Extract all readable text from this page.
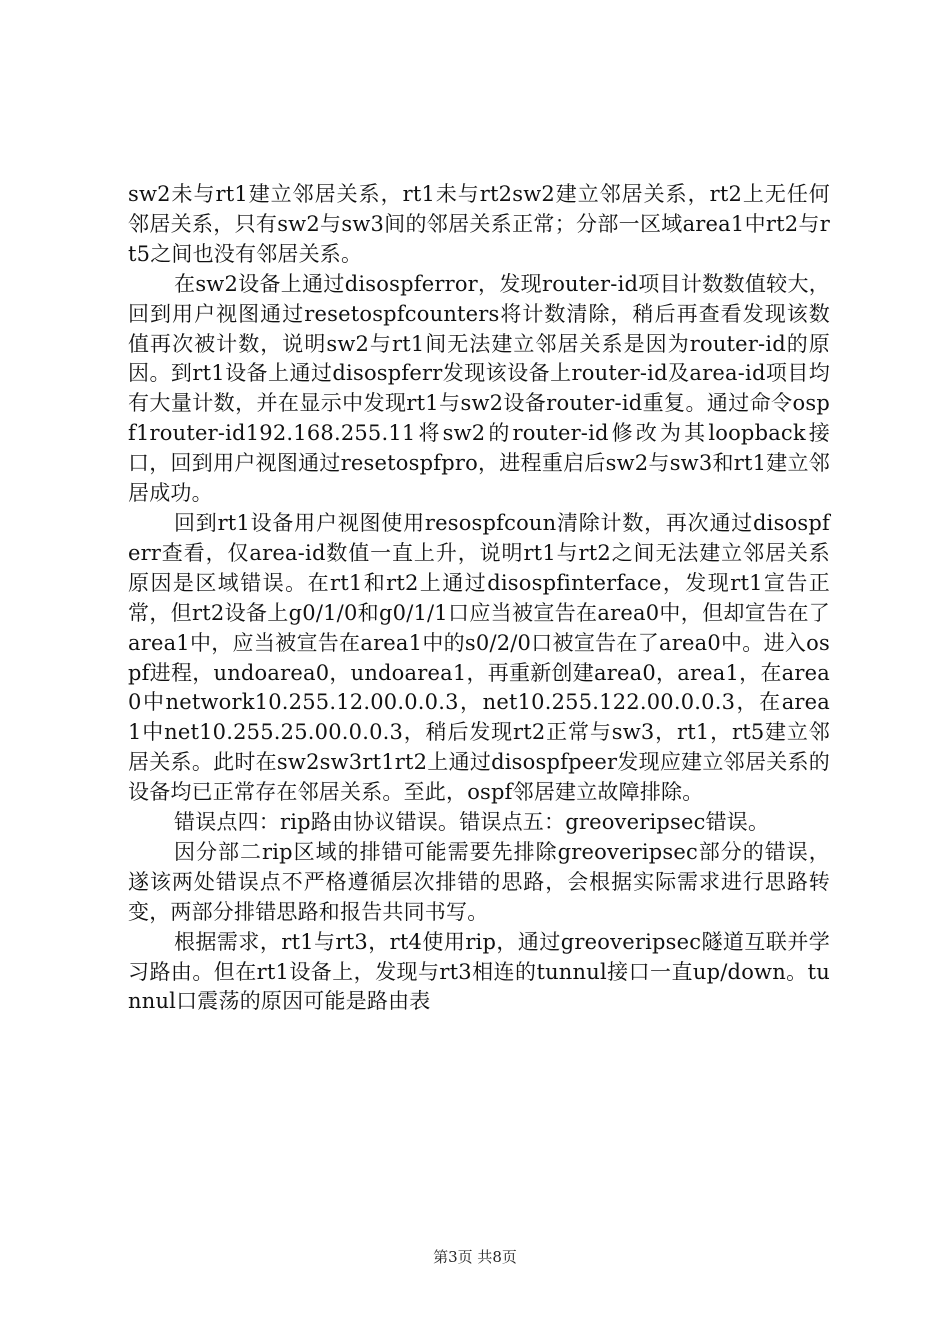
sw2未与rt1建立邻居关系，rt1未与rt2sw2建立邻居关系，rt2上无任何邻居关系，只有sw2与sw3间的邻居关系正常；分部一区域area1中rt2与rt5之间也没有邻居关系。

在sw2设备上通过disospferror，发现router-id项目计数数值较大，回到用户视图通过resetospfcounters将计数清除，稍后再查看发现该数值再次被计数，说明sw2与rt1间无法建立邻居关系是因为router-id的原因。到rt1设备上通过disospferr发现该设备上router-id及area-id项目均有大量计数，并在显示中发现rt1与sw2设备router-id重复。通过命令ospf1router-id192.168.255.11将sw2的router-id修改为其loopback接口，回到用户视图通过resetospfpro，进程重启后sw2与sw3和rt1建立邻居成功。

回到rt1设备用户视图使用resospfcoun清除计数，再次通过disospferr查看，仅area-id数值一直上升，说明rt1与rt2之间无法建立邻居关系原因是区域错误。在rt1和rt2上通过disospfinterface，发现rt1宣告正常，但rt2设备上g0/1/0和g0/1/1口应当被宣告在area0中，但却宣告在了area1中，应当被宣告在area1中的s0/2/0口被宣告在了area0中。进入ospf进程，undoarea0，undoarea1，再重新创建area0，area1，在area0中network10.255.12.00.0.0.3，net10.255.122.00.0.0.3，在area1中net10.255.25.00.0.0.3，稍后发现rt2正常与sw3，rt1，rt5建立邻居关系。此时在sw2sw3rt1rt2上通过disospfpeer发现应建立邻居关系的设备均已正常存在邻居关系。至此，ospf邻居建立故障排除。

错误点四：rip路由协议错误。错误点五：greoveripsec错误。

因分部二rip区域的排错可能需要先排除greoveripsec部分的错误，遂该两处错误点不严格遵循层次排错的思路，会根据实际需求进行思路转变，两部分排错思路和报告共同书写。

根据需求，rt1与rt3，rt4使用rip，通过greoveripsec隧道互联并学习路由。但在rt1设备上，发现与rt3相连的tunnul接口一直up/down。tunnul口震荡的原因可能是路由表

第3页 共8页
